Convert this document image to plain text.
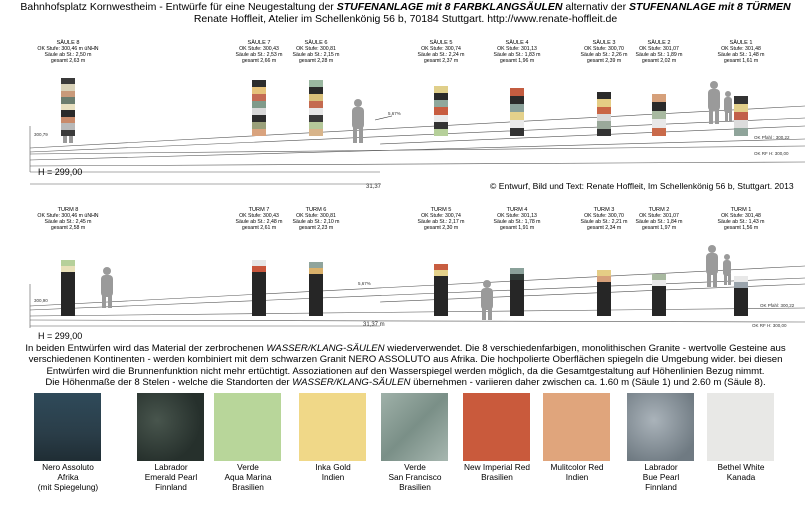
Bahnhofsplatz Kornwestheim - Entwürfe für eine Neugestaltung der STUFENANLAGE mit 8 FARBKLANGSÄULEN alternativ der STUFENANLAGE mit 8 TÜRMEN
Renate Hoffleit, Atelier im Schellenkönig 56 b, 70184 Stuttgart. http://www.renate-hoffleit.de
5,67%
300,79
OK Pfahl : 300,22
OK RF H: 300,00
H = 299,00
31,37
SÄULE 8
OK Stufe: 300,46 m üNHN
Säule ab St.: 2,50 m
gesamt 2,63 m
SÄULE 7
OK Stufe: 300,43
Säule ab St.: 2,53 m
gesamt 2,66 m
SÄULE 6
OK Stufe: 300,81
Säule ab St.: 2,15 m
gesamt 2,28 m
SÄULE 5
OK Stufe: 300,74
Säule ab St.: 2,24 m
gesamt 2,37 m
SÄULE 4
OK Stufe: 301,13
Säule ab St.: 1,83 m
gesamt 1,96 m
SÄULE 3
OK Stufe: 300,70
Säule ab St.: 2,26 m
gesamt 2,39 m
SÄULE 2
OK Stufe: 301,07
Säule ab St.: 1,89 m
gesamt 2,02 m
SÄULE 1
OK Stufe: 301,48
Säule ab St.: 1,48 m
gesamt 1,61 m
© Entwurf, Bild und Text: Renate Hoffleit, Im Schellenkönig 56 b, Stuttgart. 2013
5,67%
300,90
OK Pfahl: 300,22
OK RF H: 300,00
H = 299,00
31,37 m
TURM 8
OK Stufe: 300,46 m üNHN
Säule ab St.: 2,45 m
gesamt 2,58 m
TURM 7
OK Stufe: 300,43
Säule ab St.: 2,48 m
gesamt 2,61 m
TURM 6
OK Stufe: 300,81
Säule ab St.: 2,10 m
gesamt 2,23 m
TURM 5
OK Stufe: 300,74
Säule ab St.: 2,17 m
gesamt 2,30 m
TURM 4
OK Stufe: 301,13
Säule ab St.: 1,78 m
gesamt 1,91 m
TURM 3
OK Stufe: 300,70
Säule ab St.: 2,21 m
gesamt 2,34 m
TURM 2
OK Stufe: 301,07
Säule ab St.: 1,84 m
gesamt 1,97 m
TURM 1
OK Stufe: 301,48
Säule ab St.: 1,43 m
gesamt 1,56 m

In beiden Entwürfen wird das Material der zerbrochenen WASSER/KLANG-SÄULEN wiederverwendet. Die 8 verschiedenfarbigen, monolithischen Granite - wertvolle Gesteine aus

verschiedenen Kontinenten - werden kombiniert mit dem schwarzen Granit NERO ASSOLUTO aus Afrika. Die hochpolierte Oberflächen spiegeln die Umgebung wider. bei diesen

Entwürfen wird die Brunnenfunktion nicht mehr ertüchtigt. Assoziationen auf den Wasserspiegel werden möglich, da die Gesamtgestaltung auf Höhenlinien Bezug nimmt.

Die Höhenmaße der 8 Stelen - welche die Standorten der WASSER/KLANG-SÄULEN übernehmen - variieren daher zwischen ca. 1.60 m (Säule 1) und 2.60 m (Säule 8).

Nero Assoluto
Afrika
(mit Spiegelung)
Labrador
Emerald Pearl
Finnland
Verde
Aqua Marina
Brasilien
Inka Gold
Indien
Verde
San Francisco
Brasilien
New Imperial Red
Brasilien
Mulitcolor Red
Indien
Labrador
Bue Pearl
Finnland
Bethel White
Kanada
